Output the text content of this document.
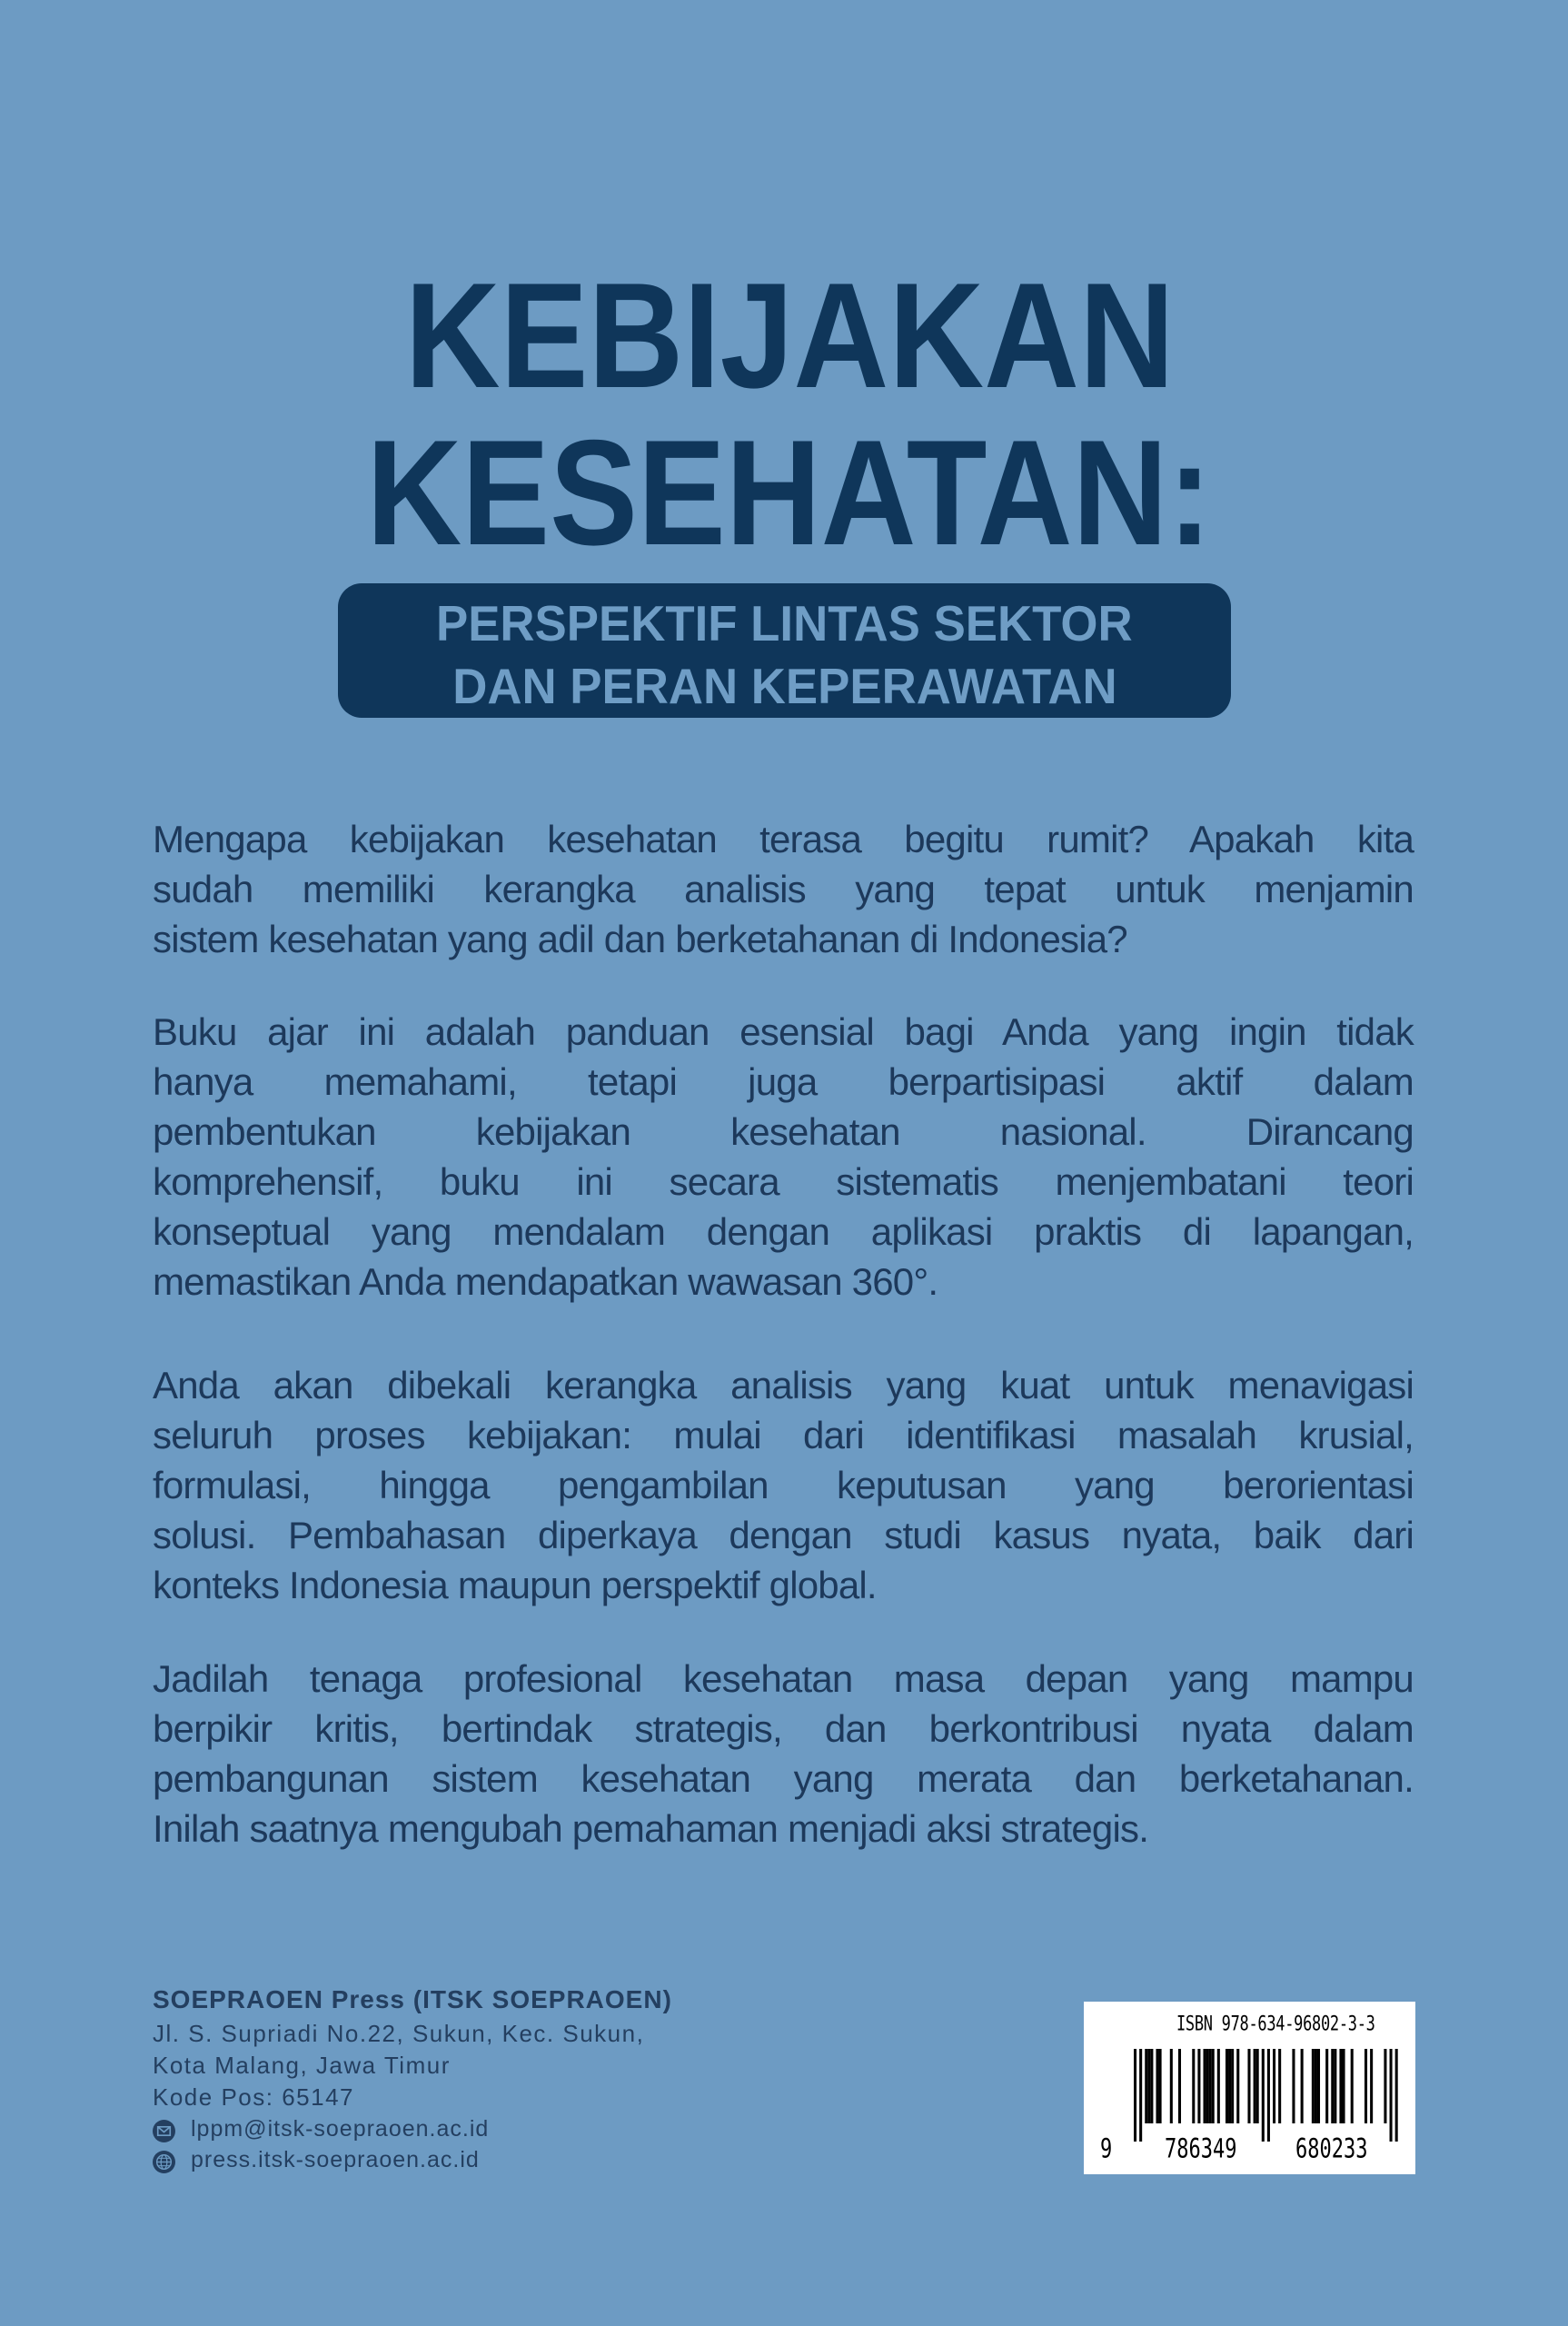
KEBIJAKAN
KESEHATAN:
PERSPEKTIF LINTAS SEKTOR
DAN PERAN KEPERAWATAN
Mengapa kebijakan kesehatan terasa begitu rumit? Apakah kita
sudah memiliki kerangka analisis yang tepat untuk menjamin
sistem kesehatan yang adil dan berketahanan di Indonesia?
Buku ajar ini adalah panduan esensial bagi Anda yang ingin tidak
hanya memahami, tetapi juga berpartisipasi aktif dalam
pembentukan kebijakan kesehatan nasional. Dirancang
komprehensif, buku ini secara sistematis menjembatani teori
konseptual yang mendalam dengan aplikasi praktis di lapangan,
memastikan Anda mendapatkan wawasan 360°.
Anda akan dibekali kerangka analisis yang kuat untuk menavigasi
seluruh proses kebijakan: mulai dari identifikasi masalah krusial,
formulasi, hingga pengambilan keputusan yang berorientasi
solusi. Pembahasan diperkaya dengan studi kasus nyata, baik dari
konteks Indonesia maupun perspektif global.
Jadilah tenaga profesional kesehatan masa depan yang mampu
berpikir kritis, bertindak strategis, dan berkontribusi nyata dalam
pembangunan sistem kesehatan yang merata dan berketahanan.
Inilah saatnya mengubah pemahaman menjadi aksi strategis.
SOEPRAOEN Press (ITSK SOEPRAOEN)
Jl. S. Supriadi No.22, Sukun, Kec. Sukun,
Kota Malang, Jawa Timur
Kode Pos: 65147
lppm@itsk-soepraoen.ac.id
press.itsk-soepraoen.ac.id
ISBN 978-634-96802-3-3
9	786349	680233
